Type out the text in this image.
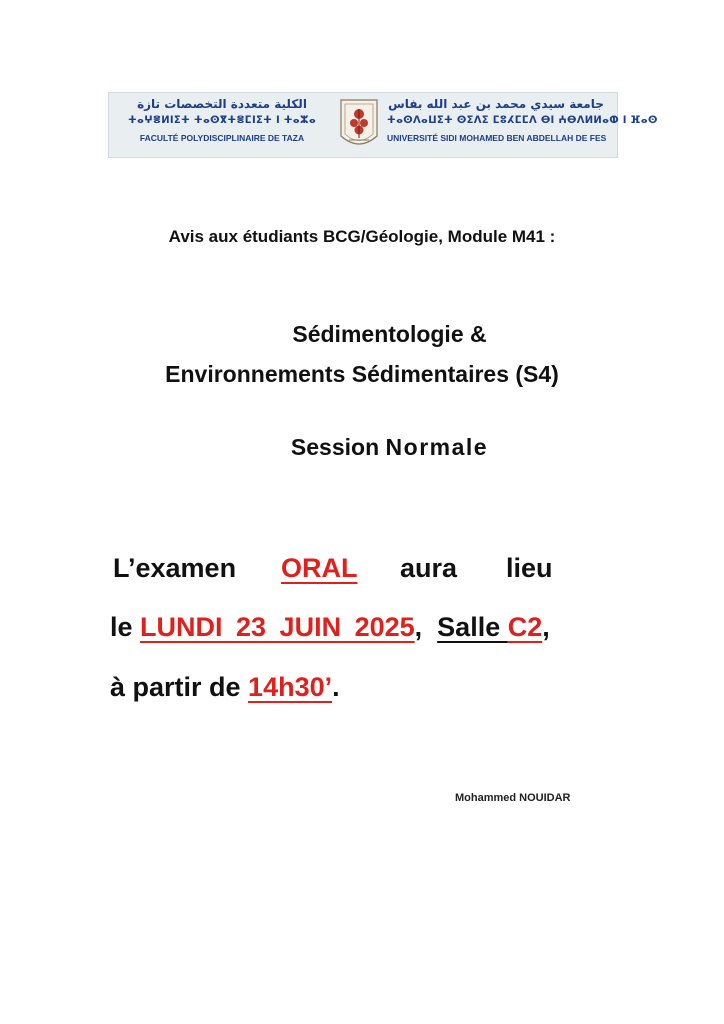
الكلية متعددة التخصصات تازة
ⵜⴰⵖⴻⵍⵏⵉⵜ ⵜⴰⵙⴳⵜⴻⵎⵏⵉⵜ ⵏ ⵜⴰⵣⴰ
FACULTÉ POLYDISCIPLINAIRE DE TAZA
جامعة سيدي محمد بن عبد الله بفاس
ⵜⴰⵙⴷⴰⵡⵉⵜ ⵙⵉⴷⵉ ⵎⵓⵃⵎⵎⴷ ⴱⵏ ⵄⴱⴷⵍⵍⴰⵀ ⵏ ⴼⴰⵙ
UNIVERSITÉ SIDI MOHAMED BEN ABDELLAH DE FES
Avis aux étudiants BCG/Géologie, Module M41 :
Sédimentologie &
Environnements Sédimentaires (S4)
Session Normale
L’examen ORAL aura lieu
le LUNDI 23 JUIN 2025, Salle C2,
à partir de 14h30’.
Mohammed NOUIDAR
